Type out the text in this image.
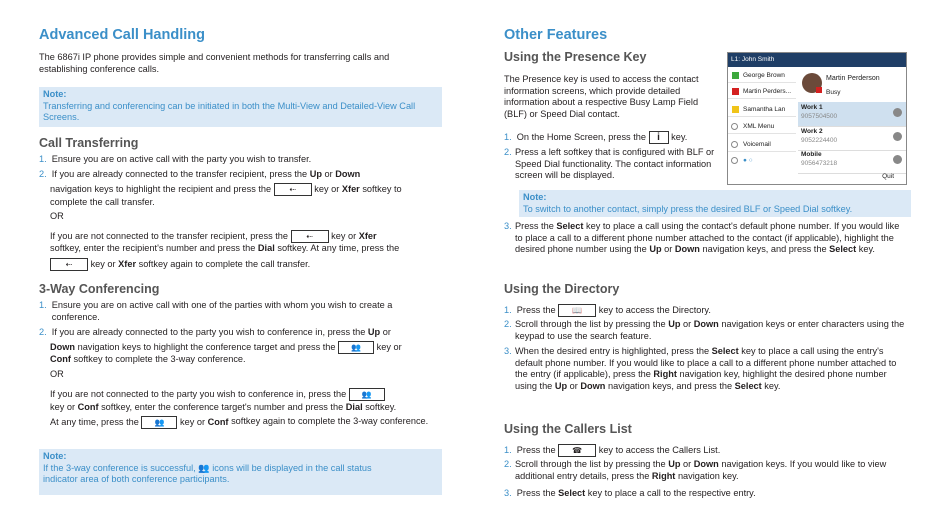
Advanced Call Handling
The 6867i IP phone provides simple and convenient methods for transferring calls and establishing conference calls.
Note:
Transferring and conferencing can be initiated in both the Multi-View and Detailed-View Call Screens.
Call Transferring
1. Ensure you are on active call with the party you wish to transfer.
2. If you are already connected to the transfer recipient, press the Up or Down
navigation keys to highlight the recipient and press the ⇠ key or Xfer softkey to
complete the call transfer.
OR
If you are not connected to the transfer recipient, press the ⇠ key or Xfer
softkey, enter the recipient's number and press the Dial softkey. At any time, press the
⇠ key or Xfer softkey again to complete the call transfer.
3-Way Conferencing
1. Ensure you are on active call with one of the parties with whom you wish to create a conference.
2. If you are already connected to the party you wish to conference in, press the Up or
Down navigation keys to highlight the conference target and press the 👥 key or
Conf softkey to complete the 3-way conference.
OR
If you are not connected to the party you wish to conference in, press the 👥
key or Conf softkey, enter the conference target's number and press the Dial softkey.
At any time, press the 👥 key or Conf softkey again to complete the 3-way conference.
Note:
If the 3-way conference is successful, 👥 icons will be displayed in the call status
indicator area of both conference participants.
Other Features
Using the Presence Key
The Presence key is used to access the contact information screens, which provide detailed information about a respective Busy Lamp Field (BLF) or Speed Dial contact.
1. On the Home Screen, press the i key.
2. Press a left softkey that is configured with BLF or Speed Dial functionality. The contact information screen will be displayed.
Note:
To switch to another contact, simply press the desired BLF or Speed Dial softkey.
3. Press the Select key to place a call using the contact's default phone number. If you would like to place a call to a different phone number attached to the contact (if applicable), highlight the desired phone number using the Up or Down navigation keys, and press the Select key.
Using the Directory
1. Press the 📖 key to access the Directory.
2. Scroll through the list by pressing the Up or Down navigation keys or enter characters using the keypad to use the search feature.
3. When the desired entry is highlighted, press the Select key to place a call using the entry's default phone number. If you would like to place a call to a different phone number attached to the entry (if applicable), press the Right navigation key, highlight the desired phone number using the Up or Down navigation keys, and press the Select key.
Using the Callers List
1. Press the ☎ key to access the Callers List.
2. Scroll through the list by pressing the Up or Down navigation keys. If you would like to view additional entry details, press the Right navigation key.
3. Press the Select key to place a call to the respective entry.
L1: John Smith
George Brown
Martin Perders...
Samantha Lan
XML Menu
Voicemail
● ○
Martin Perderson
Busy
Work 1
9057504500
Work 2
9052224400
Mobile
9056473218
Quit
